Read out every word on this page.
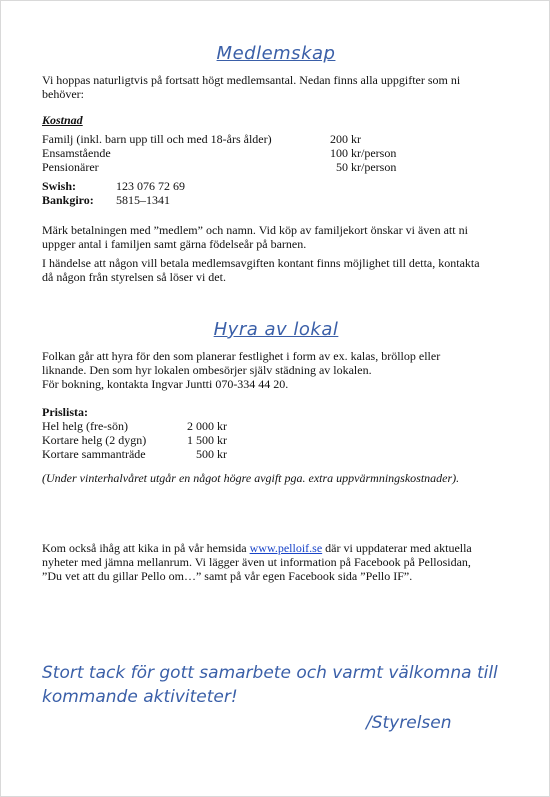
Medlemskap
Vi hoppas naturligtvis på fortsatt högt medlemsantal. Nedan finns alla uppgifter som ni behöver:
Kostnad
Familj (inkl. barn upp till och med 18-års ålder)	200 kr
Ensamstående	100 kr/person
Pensionärer	50 kr/person
Swish:	123 076 72 69
Bankgiro:	5815–1341
Märk betalningen med ”medlem” och namn. Vid köp av familjekort önskar vi även att ni uppger antal i familjen samt gärna födelseår på barnen.
I händelse att någon vill betala medlemsavgiften kontant finns möjlighet till detta, kontakta då någon från styrelsen så löser vi det.
Hyra av lokal
Folkan går att hyra för den som planerar festlighet i form av ex. kalas, bröllop eller liknande. Den som hyr lokalen ombesörjer själv städning av lokalen.
För bokning, kontakta Ingvar Juntti 070-334 44 20.
Prislista:
Hel helg (fre-sön)	2 000 kr
Kortare helg (2 dygn)	1 500 kr
Kortare sammanträde	500 kr
(Under vinterhalvåret utgår en något högre avgift pga. extra uppvärmningskostnader).
Kom också ihåg att kika in på vår hemsida www.pelloif.se där vi uppdaterar med aktuella nyheter med jämna mellanrum. Vi lägger även ut information på Facebook på Pellosidan, ”Du vet att du gillar Pello om…” samt på vår egen Facebook sida ”Pello IF”.
Stort tack för gott samarbete och varmt välkomna till kommande aktiviteter!
/Styrelsen
